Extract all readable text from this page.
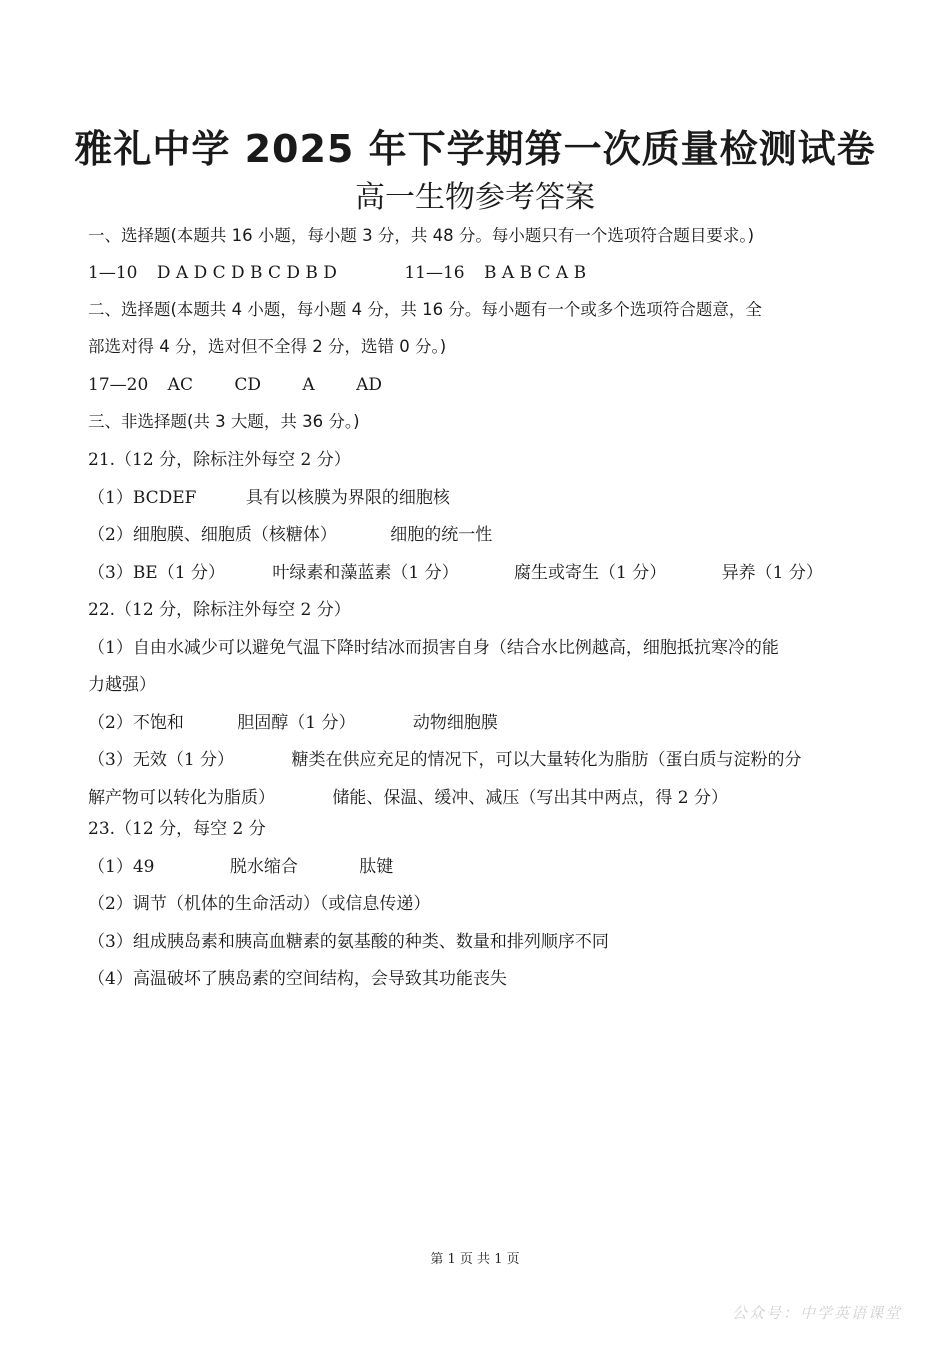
雅礼中学 2025 年下学期第一次质量检测试卷
高一生物参考答案
一、选择题(本题共 16 小题，每小题 3 分，共 48 分。每小题只有一个选项符合题目要求。)
1—10 D A D C D B C D B D	11—16 B A B C A B
二、选择题(本题共 4 小题，每小题 4 分，共 16 分。每小题有一个或多个选项符合题意，全
部选对得 4 分，选对但不全得 2 分，选错 0 分。)
17—20 AC CD A AD
三、非选择题(共 3 大题，共 36 分。)
21.（12 分，除标注外每空 2 分）
（1）BCDEF	具有以核膜为界限的细胞核
（2）细胞膜、细胞质（核糖体）	细胞的统一性
（3）BE（1 分）	叶绿素和藻蓝素（1 分）	腐生或寄生（1 分）	异养（1 分）
22.（12 分，除标注外每空 2 分）
（1）自由水减少可以避免气温下降时结冰而损害自身（结合水比例越高，细胞抵抗寒冷的能
力越强）
（2）不饱和	胆固醇（1 分）	动物细胞膜
（3）无效（1 分）	糖类在供应充足的情况下，可以大量转化为脂肪（蛋白质与淀粉的分
解产物可以转化为脂质）	储能、保温、缓冲、减压（写出其中两点，得 2 分）
23.（12 分，每空 2 分
（1）49	脱水缩合	肽键
（2）调节（机体的生命活动）（或信息传递）
（3）组成胰岛素和胰高血糖素的氨基酸的种类、数量和排列顺序不同
（4）高温破坏了胰岛素的空间结构，会导致其功能丧失
第 1 页 共 1 页
公众号：中学英语课堂
